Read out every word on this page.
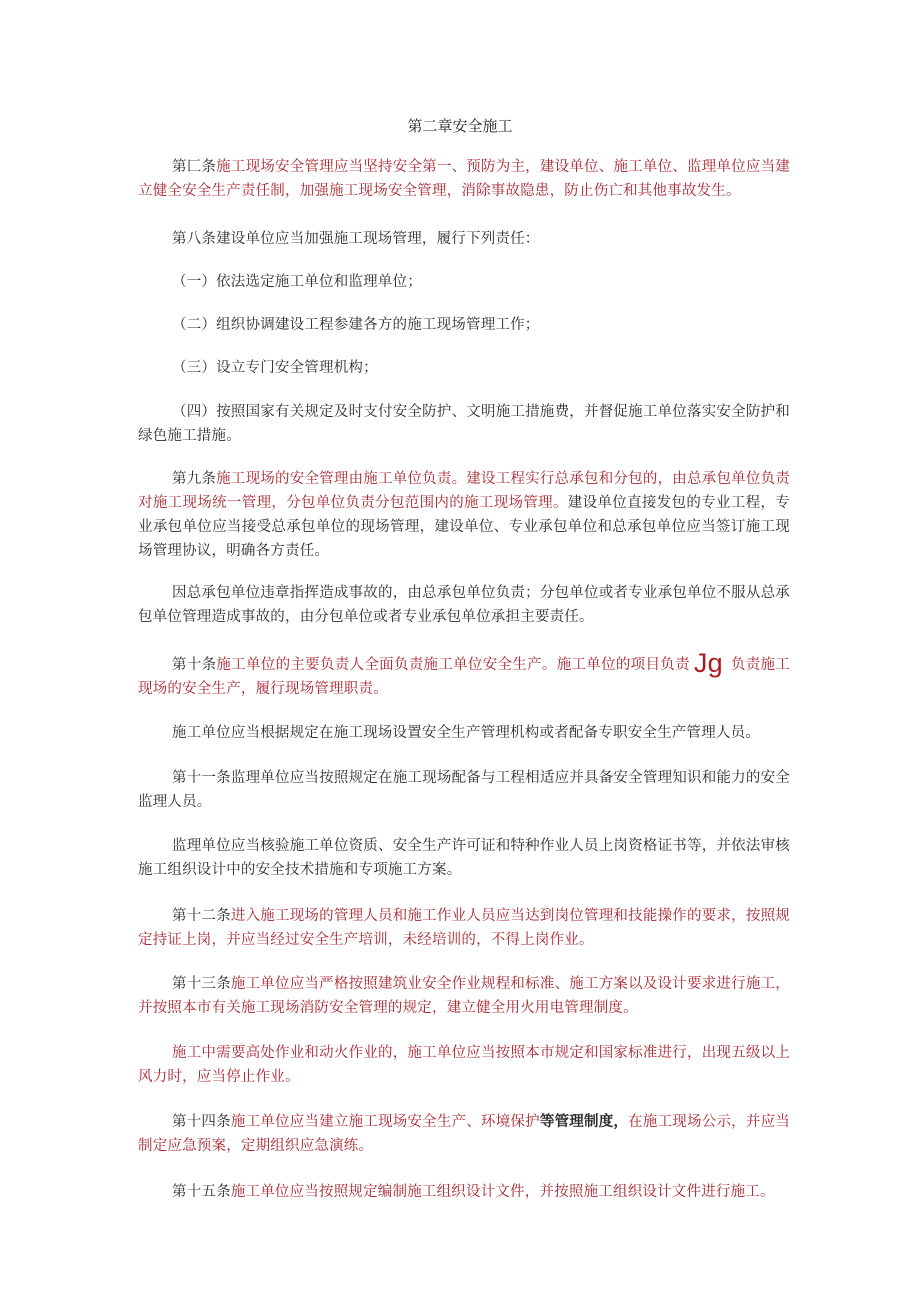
第二章安全施工

第匚条施工现场安全管理应当坚持安全第一、预防为主，建设单位、施工单位、监理单位应当建立健全安全生产责任制，加强施工现场安全管理，消除事故隐患，防止伤亡和其他事故发生。

第八条建设单位应当加强施工现场管理，履行下列责任：

（一）依法选定施工单位和监理单位；

（二）组织协调建设工程参建各方的施工现场管理工作；

（三）设立专门安全管理机构；

（四）按照国家有关规定及时支付安全防护、文明施工措施费，并督促施工单位落实安全防护和绿色施工措施。

第九条施工现场的安全管理由施工单位负责。建设工程实行总承包和分包的，由总承包单位负责对施工现场统一管理，分包单位负责分包范围内的施工现场管理。建设单位直接发包的专业工程，专业承包单位应当接受总承包单位的现场管理，建设单位、专业承包单位和总承包单位应当签订施工现场管理协议，明确各方责任。

因总承包单位违章指挥造成事故的，由总承包单位负责；分包单位或者专业承包单位不服从总承包单位管理造成事故的，由分包单位或者专业承包单位承担主要责任。

第十条施工单位的主要负责人全面负责施工单位安全生产。施工单位的项目负责 Jg 负责施工现场的安全生产，履行现场管理职责。

施工单位应当根据规定在施工现场设置安全生产管理机构或者配备专职安全生产管理人员。

第十一条监理单位应当按照规定在施工现场配备与工程相适应并具备安全管理知识和能力的安全监理人员。

监理单位应当核验施工单位资质、安全生产许可证和特种作业人员上岗资格证书等，并依法审核施工组织设计中的安全技术措施和专项施工方案。

第十二条进入施工现场的管理人员和施工作业人员应当达到岗位管理和技能操作的要求，按照规定持证上岗，并应当经过安全生产培训，未经培训的，不得上岗作业。

第十三条施工单位应当严格按照建筑业安全作业规程和标准、施工方案以及设计要求进行施工，并按照本市有关施工现场消防安全管理的规定，建立健全用火用电管理制度。

施工中需要高处作业和动火作业的，施工单位应当按照本市规定和国家标准进行，出现五级以上风力时，应当停止作业。

第十四条施工单位应当建立施工现场安全生产、环境保护等管理制度，在施工现场公示，并应当制定应急预案，定期组织应急演练。

第十五条施工单位应当按照规定编制施工组织设计文件，并按照施工组织设计文件进行施工。
